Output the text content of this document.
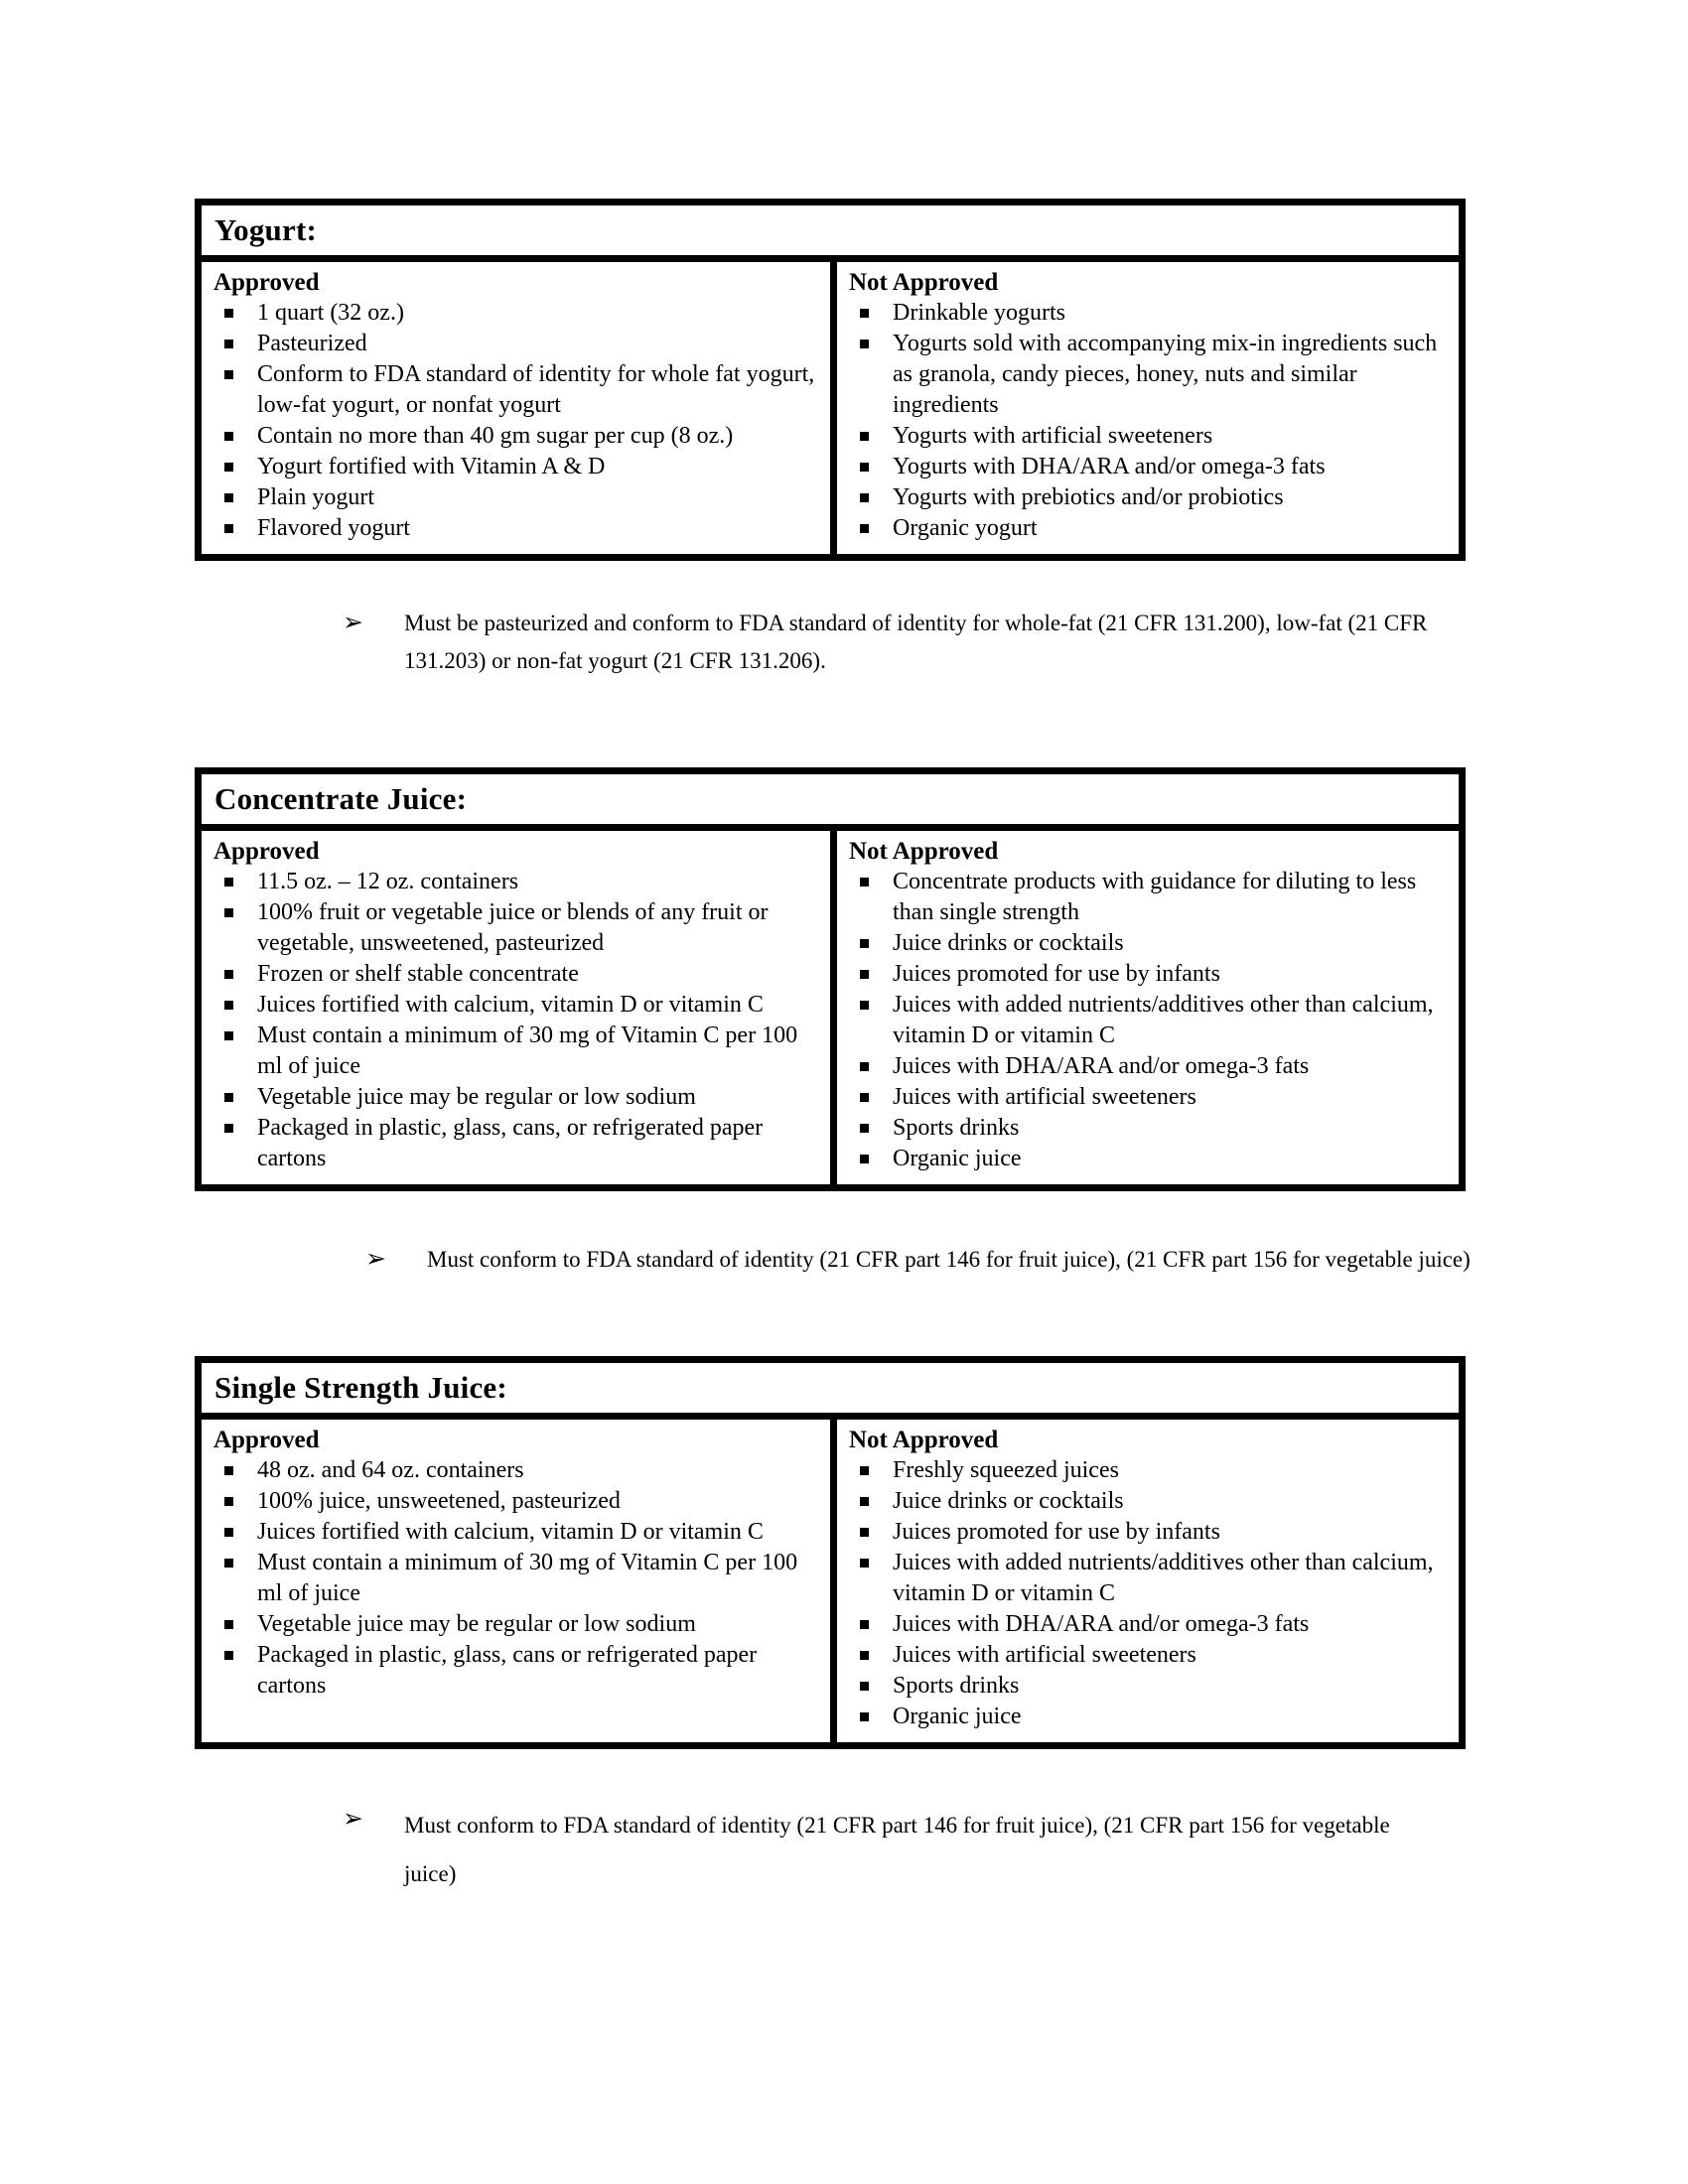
Yogurt:
Approved
1 quart (32 oz.)
Pasteurized
Conform to FDA standard of identity for whole fat yogurt, low-fat yogurt, or nonfat yogurt
Contain no more than 40 gm sugar per cup (8 oz.)
Yogurt fortified with Vitamin A & D
Plain yogurt
Flavored yogurt
Not Approved
Drinkable yogurts
Yogurts sold with accompanying mix-in ingredients such as granola, candy pieces, honey, nuts and similar ingredients
Yogurts with artificial sweeteners
Yogurts with DHA/ARA and/or omega-3 fats
Yogurts with prebiotics and/or probiotics
Organic yogurt
➢	Must be pasteurized and conform to FDA standard of identity for whole-fat (21 CFR 131.200), low-fat (21 CFR 131.203) or non-fat yogurt (21 CFR 131.206).
Concentrate Juice:
Approved
11.5 oz. – 12 oz. containers
100% fruit or vegetable juice or blends of any fruit or vegetable, unsweetened, pasteurized
Frozen or shelf stable concentrate
Juices fortified with calcium, vitamin D or vitamin C
Must contain a minimum of 30 mg of Vitamin C per 100 ml of juice
Vegetable juice may be regular or low sodium
Packaged in plastic, glass, cans, or refrigerated paper cartons
Not Approved
Concentrate products with guidance for diluting to less than single strength
Juice drinks or cocktails
Juices promoted for use by infants
Juices with added nutrients/additives other than calcium, vitamin D or vitamin C
Juices with DHA/ARA and/or omega-3 fats
Juices with artificial sweeteners
Sports drinks
Organic juice
➢	Must conform to FDA standard of identity (21 CFR part 146 for fruit juice), (21 CFR part 156 for vegetable juice)
Single Strength Juice:
Approved
48 oz. and 64 oz. containers
100% juice, unsweetened, pasteurized
Juices fortified with calcium, vitamin D or vitamin C
Must contain a minimum of 30 mg of Vitamin C per 100 ml of juice
Vegetable juice may be regular or low sodium
Packaged in plastic, glass, cans or refrigerated paper cartons
Not Approved
Freshly squeezed juices
Juice drinks or cocktails
Juices promoted for use by infants
Juices with added nutrients/additives other than calcium, vitamin D or vitamin C
Juices with DHA/ARA and/or omega-3 fats
Juices with artificial sweeteners
Sports drinks
Organic juice
➢	Must conform to FDA standard of identity (21 CFR part 146 for fruit juice), (21 CFR part 156 for vegetable juice)
